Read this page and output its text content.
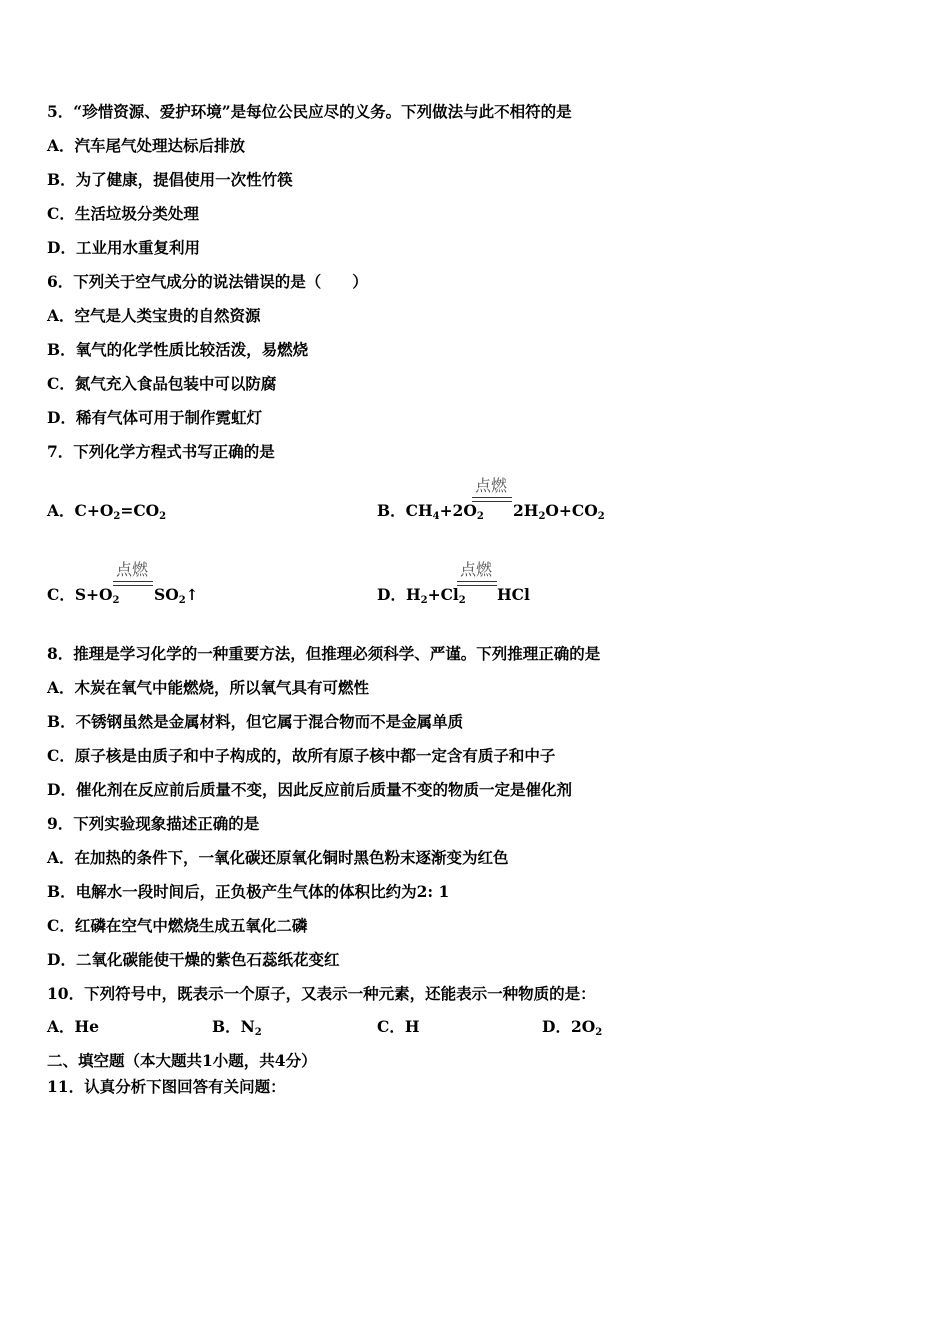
5．“珍惜资源、爱护环境”是每位公民应尽的义务。下列做法与此不相符的是
A．汽车尾气处理达标后排放
B．为了健康，提倡使用一次性竹筷
C．生活垃圾分类处理
D．工业用水重复利用
6．下列关于空气成分的说法错误的是（　　）
A．空气是人类宝贵的自然资源
B．氧气的化学性质比较活泼，易燃烧
C．氮气充入食品包装中可以防腐
D．稀有气体可用于制作霓虹灯
7．下列化学方程式书写正确的是
A．$C+O_2=CO_2$	B．$CH_4+2O_2$
点燃
$2H_2O+CO_2$
C．$S+O_2$
点燃
$SO_2↑$	D．$H_2+Cl_2$
点燃
HCl
8．推理是学习化学的一种重要方法，但推理必须科学、严谨。下列推理正确的是
A．木炭在氧气中能燃烧，所以氧气具有可燃性
B．不锈钢虽然是金属材料，但它属于混合物而不是金属单质
C．原子核是由质子和中子构成的，故所有原子核中都一定含有质子和中子
D．催化剂在反应前后质量不变，因此反应前后质量不变的物质一定是催化剂
9．下列实验现象描述正确的是
A．在加热的条件下，一氧化碳还原氧化铜时黑色粉末逐渐变为红色
B．电解水一段时间后，正负极产生气体的体积比约为2: 1
C．红磷在空气中燃烧生成五氧化二磷
D．二氧化碳能使干燥的紫色石蕊纸花变红
10．下列符号中，既表示一个原子，又表示一种元素，还能表示一种物质的是：
A．He	B．$N_2$	C．H	D．$2O_2$
二、填空题（本大题共1小题，共4分）
11．认真分析下图回答有关问题：
